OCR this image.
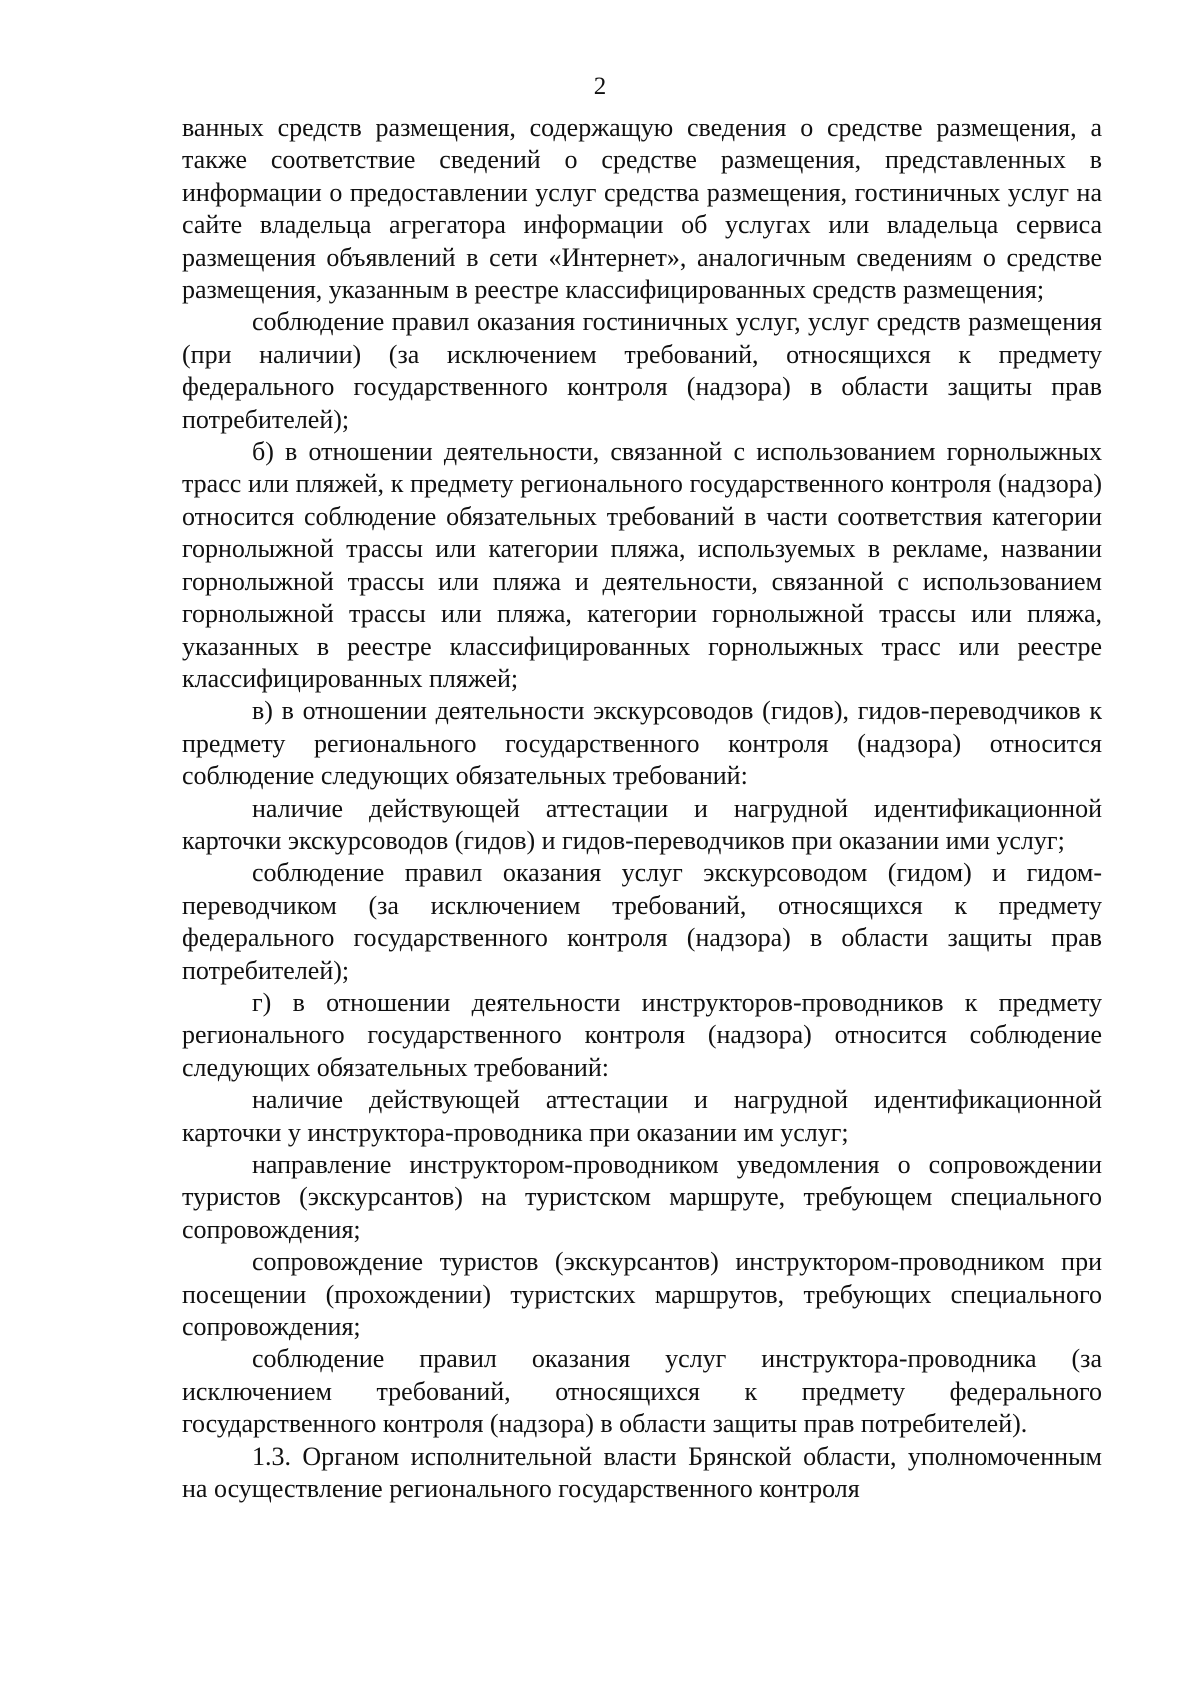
2

ванных средств размещения, содержащую сведения о средстве размещения, а также соответствие сведений о средстве размещения, представленных в информации о предоставлении услуг средства размещения, гостиничных услуг на сайте владельца агрегатора информации об услугах или владельца сервиса размещения объявлений в сети «Интернет», аналогичным сведениям о средстве размещения, указанным в реестре классифицированных средств размещения;

соблюдение правил оказания гостиничных услуг, услуг средств размещения (при наличии) (за исключением требований, относящихся к предмету федерального государственного контроля (надзора) в области защиты прав потребителей);

б) в отношении деятельности, связанной с использованием горнолыжных трасс или пляжей, к предмету регионального государственного контроля (надзора) относится соблюдение обязательных требований в части соответствия категории горнолыжной трассы или категории пляжа, используемых в рекламе, названии горнолыжной трассы или пляжа и деятельности, связанной с использованием горнолыжной трассы или пляжа, категории горнолыжной трассы или пляжа, указанных в реестре классифицированных горнолыжных трасс или реестре классифицированных пляжей;

в) в отношении деятельности экскурсоводов (гидов), гидов-переводчиков к предмету регионального государственного контроля (надзора) относится соблюдение следующих обязательных требований:

наличие действующей аттестации и нагрудной идентификационной карточки экскурсоводов (гидов) и гидов-переводчиков при оказании ими услуг;

соблюдение правил оказания услуг экскурсоводом (гидом) и гидом-переводчиком (за исключением требований, относящихся к предмету федерального государственного контроля (надзора) в области защиты прав потребителей);

г) в отношении деятельности инструкторов-проводников к предмету регионального государственного контроля (надзора) относится соблюдение следующих обязательных требований:

наличие действующей аттестации и нагрудной идентификационной карточки у инструктора-проводника при оказании им услуг;

направление инструктором-проводником уведомления о сопровождении туристов (экскурсантов) на туристском маршруте, требующем специального сопровождения;

сопровождение туристов (экскурсантов) инструктором-проводником при посещении (прохождении) туристских маршрутов, требующих специального сопровождения;

соблюдение правил оказания услуг инструктора-проводника (за исключением требований, относящихся к предмету федерального государственного контроля (надзора) в области защиты прав потребителей).

1.3. Органом исполнительной власти Брянской области, уполномоченным на осуществление регионального государственного контроля
